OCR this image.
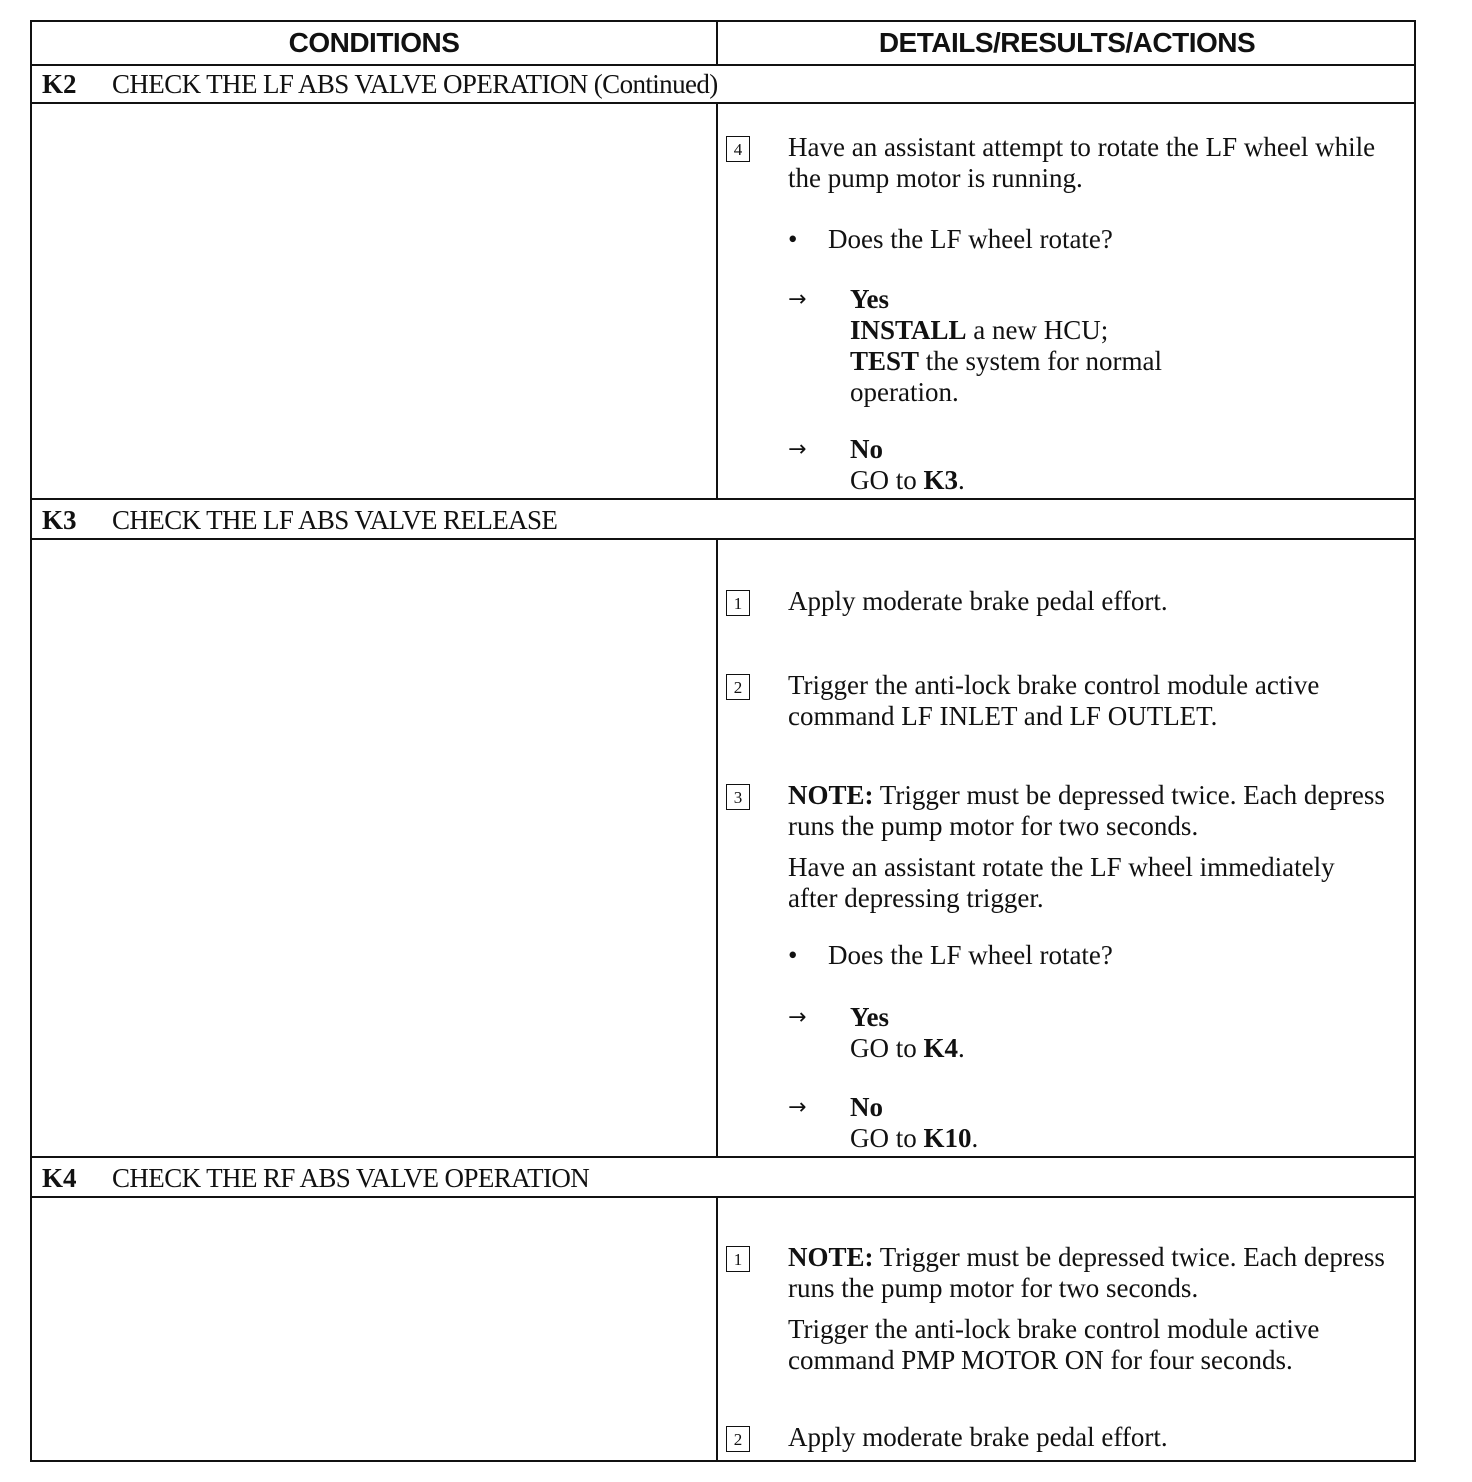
CONDITIONS	DETAILS/RESULTS/ACTIONS
K2 CHECK THE LF ABS VALVE OPERATION (Continued)
4 Have an assistant attempt to rotate the LF wheel while the pump motor is running.

• Does the LF wheel rotate?
→ Yes
INSTALL a new HCU;
TEST the system for normal
operation.
→ No
GO to K3.
K3 CHECK THE LF ABS VALVE RELEASE
1 Apply moderate brake pedal effort.

2 Trigger the anti-lock brake control module active command LF INLET and LF OUTLET.

3 NOTE: Trigger must be depressed twice. Each depress runs the pump motor for two seconds.

Have an assistant rotate the LF wheel immediately after depressing trigger.

• Does the LF wheel rotate?
→ Yes
GO to K4.
→ No
GO to K10.
K4 CHECK THE RF ABS VALVE OPERATION
1 NOTE: Trigger must be depressed twice. Each depress runs the pump motor for two seconds.

Trigger the anti-lock brake control module active command PMP MOTOR ON for four seconds.

2 Apply moderate brake pedal effort.
